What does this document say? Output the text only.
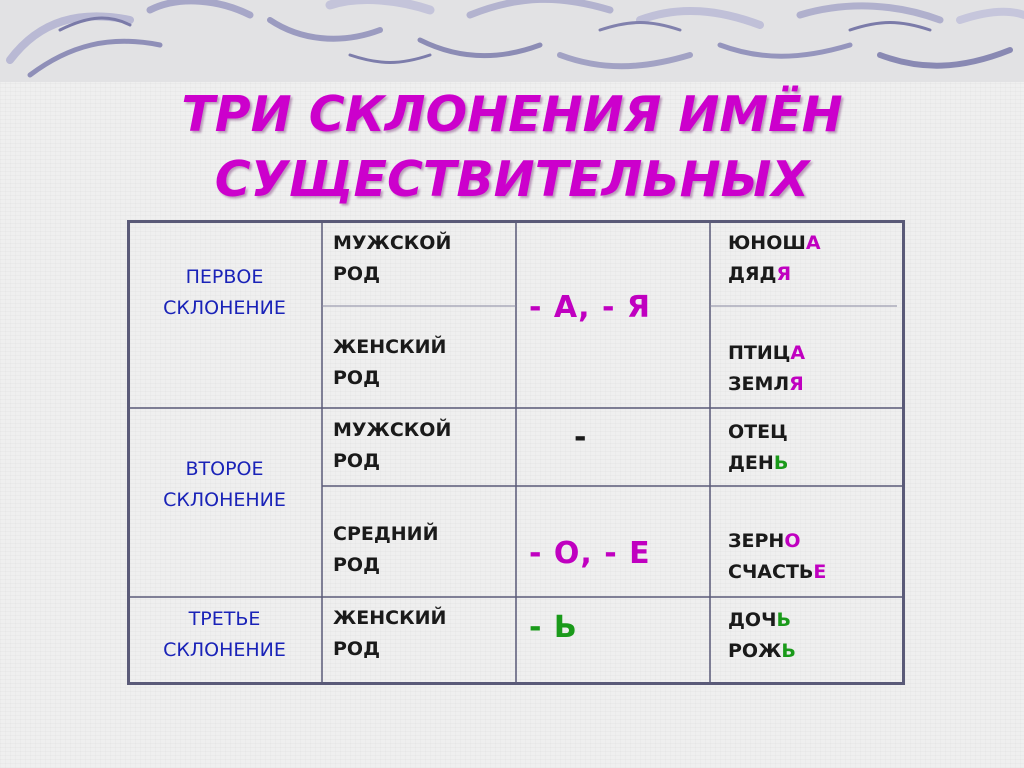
ТРИ СКЛОНЕНИЯ ИМЁН
СУЩЕСТВИТЕЛЬНЫХ
ПЕРВОЕ
СКЛОНЕНИЕ
МУЖСКОЙ
РОД
ЖЕНСКИЙ
РОД
- А, - Я
ЮНОША
ДЯДЯ
ПТИЦА
ЗЕМЛЯ
ВТОРОЕ
СКЛОНЕНИЕ
МУЖСКОЙ
РОД
СРЕДНИЙ
РОД
-
- О, - Е
ОТЕЦ
ДЕНЬ
ЗЕРНО
СЧАСТЬЕ
ТРЕТЬЕ
СКЛОНЕНИЕ
ЖЕНСКИЙ
РОД
- Ь	ДОЧЬ
РОЖЬ
